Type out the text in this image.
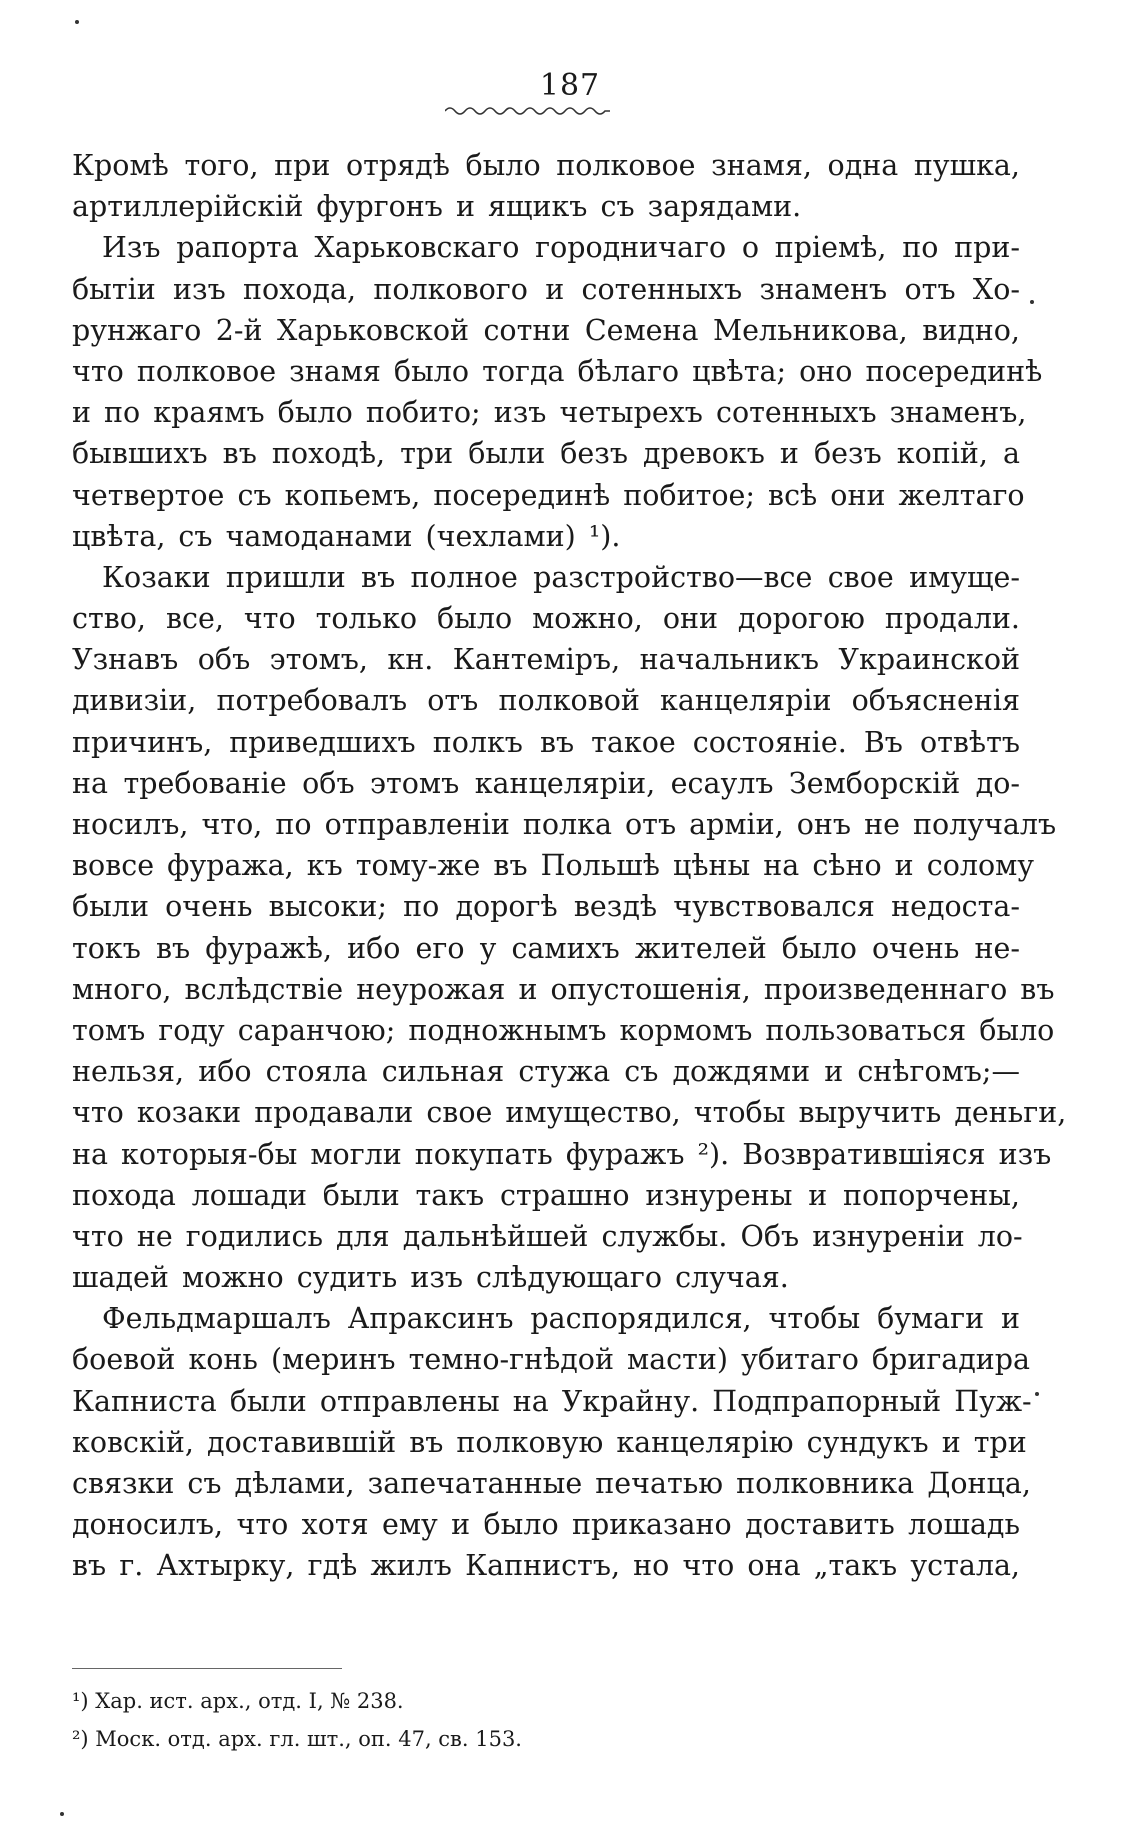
187
Кромѣ того, при отрядѣ было полковое знамя, одна пушка,
артиллерійскій фургонъ и ящикъ съ зарядами.
Изъ рапорта Харьковскаго городничаго о пріемѣ, по при-
бытіи изъ похода, полкового и сотенныхъ знаменъ отъ Хо-
рунжаго 2-й Харьковской сотни Семена Мельникова, видно,
что полковое знамя было тогда бѣлаго цвѣта; оно посерединѣ
и по краямъ было побито; изъ четырехъ сотенныхъ знаменъ,
бывшихъ въ походѣ, три были безъ древокъ и безъ копій, а
четвертое съ копьемъ, посерединѣ побитое; всѣ они желтаго
цвѣта, съ чамоданами (чехлами) ¹).
Козаки пришли въ полное разстройство—все свое имуще-
ство, все, что только было можно, они дорогою продали.
Узнавъ объ этомъ, кн. Кантеміръ, начальникъ Украинской
дивизіи, потребовалъ отъ полковой канцеляріи объясненія
причинъ, приведшихъ полкъ въ такое состояніе. Въ отвѣтъ
на требованіе объ этомъ канцеляріи, есаулъ Земборскій до-
носилъ, что, по отправленіи полка отъ арміи, онъ не получалъ
вовсе фуража, къ тому-же въ Польшѣ цѣны на сѣно и солому
были очень высоки; по дорогѣ вездѣ чувствовался недоста-
токъ въ фуражѣ, ибо его у самихъ жителей было очень не-
много, вслѣдствіе неурожая и опустошенія, произведеннаго въ
томъ году саранчою; подножнымъ кормомъ пользоваться было
нельзя, ибо стояла сильная стужа съ дождями и снѣгомъ;—
что козаки продавали свое имущество, чтобы выручить деньги,
на которыя-бы могли покупать фуражъ ²). Возвратившіяся изъ
похода лошади были такъ страшно изнурены и попорчены,
что не годились для дальнѣйшей службы. Объ изнуреніи ло-
шадей можно судить изъ слѣдующаго случая.
Фельдмаршалъ Апраксинъ распорядился, чтобы бумаги и
боевой конь (меринъ темно-гнѣдой масти) убитаго бригадира
Капниста были отправлены на Украйну. Подпрапорный Пуж-
ковскій, доставившій въ полковую канцелярію сундукъ и три
связки съ дѣлами, запечатанные печатью полковника Донца,
доносилъ, что хотя ему и было приказано доставить лошадь
въ г. Ахтырку, гдѣ жилъ Капнистъ, но что она „такъ устала,
¹) Хар. ист. арх., отд. I, № 238.
²) Моск. отд. арх. гл. шт., оп. 47, св. 153.
